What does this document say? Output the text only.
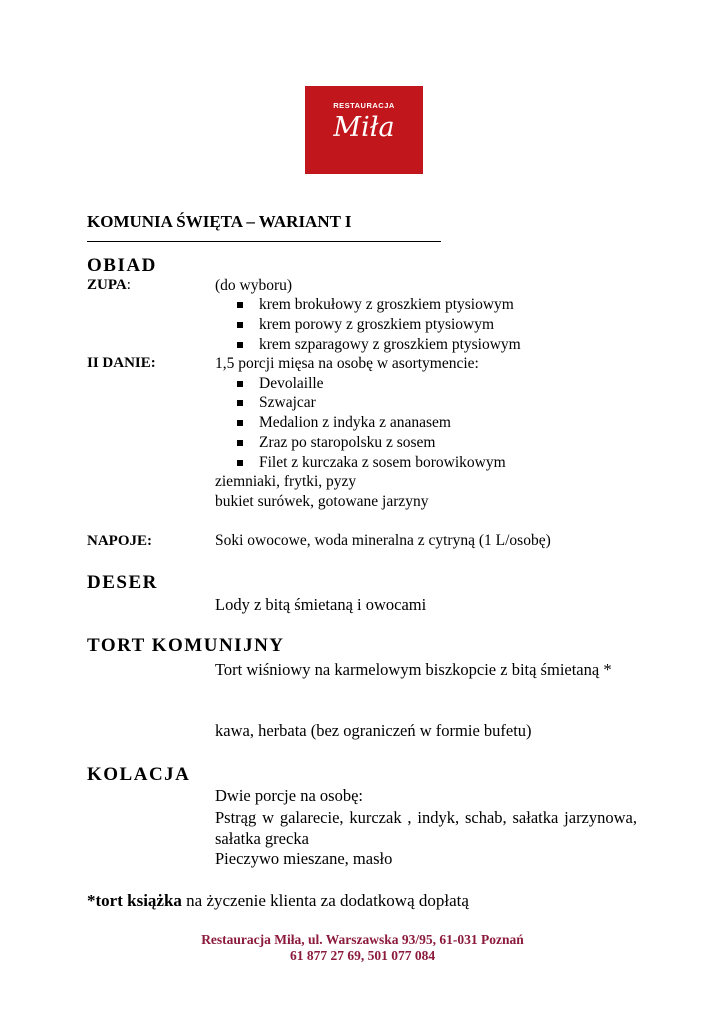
RESTAURACJA
Miła
KOMUNIA ŚWIĘTA – WARIANT I
OBIAD
ZUPA:	(do wyboru)
krem brokułowy z groszkiem ptysiowym
krem porowy z groszkiem ptysiowym
krem szparagowy z groszkiem ptysiowym
II DANIE:	1,5 porcji mięsa na osobę w asortymencie:
Devolaille
Szwajcar
Medalion z indyka z ananasem
Zraz po staropolsku z sosem
Filet z kurczaka z sosem borowikowym
ziemniaki, frytki, pyzy
bukiet surówek, gotowane jarzyny
NAPOJE:	Soki owocowe, woda mineralna z cytryną (1 L/osobę)
DESER
Lody z bitą śmietaną i owocami
TORT KOMUNIJNY
Tort wiśniowy na karmelowym biszkopcie z bitą śmietaną *
kawa, herbata (bez ograniczeń w formie bufetu)
KOLACJA
Dwie porcje na osobę:
Pstrąg w galarecie, kurczak , indyk, schab, sałatka jarzynowa, sałatka grecka
Pieczywo mieszane, masło
*tort książka na życzenie klienta za dodatkową dopłatą
Restauracja Miła, ul. Warszawska 93/95, 61-031 Poznań
61 877 27 69, 501 077 084
